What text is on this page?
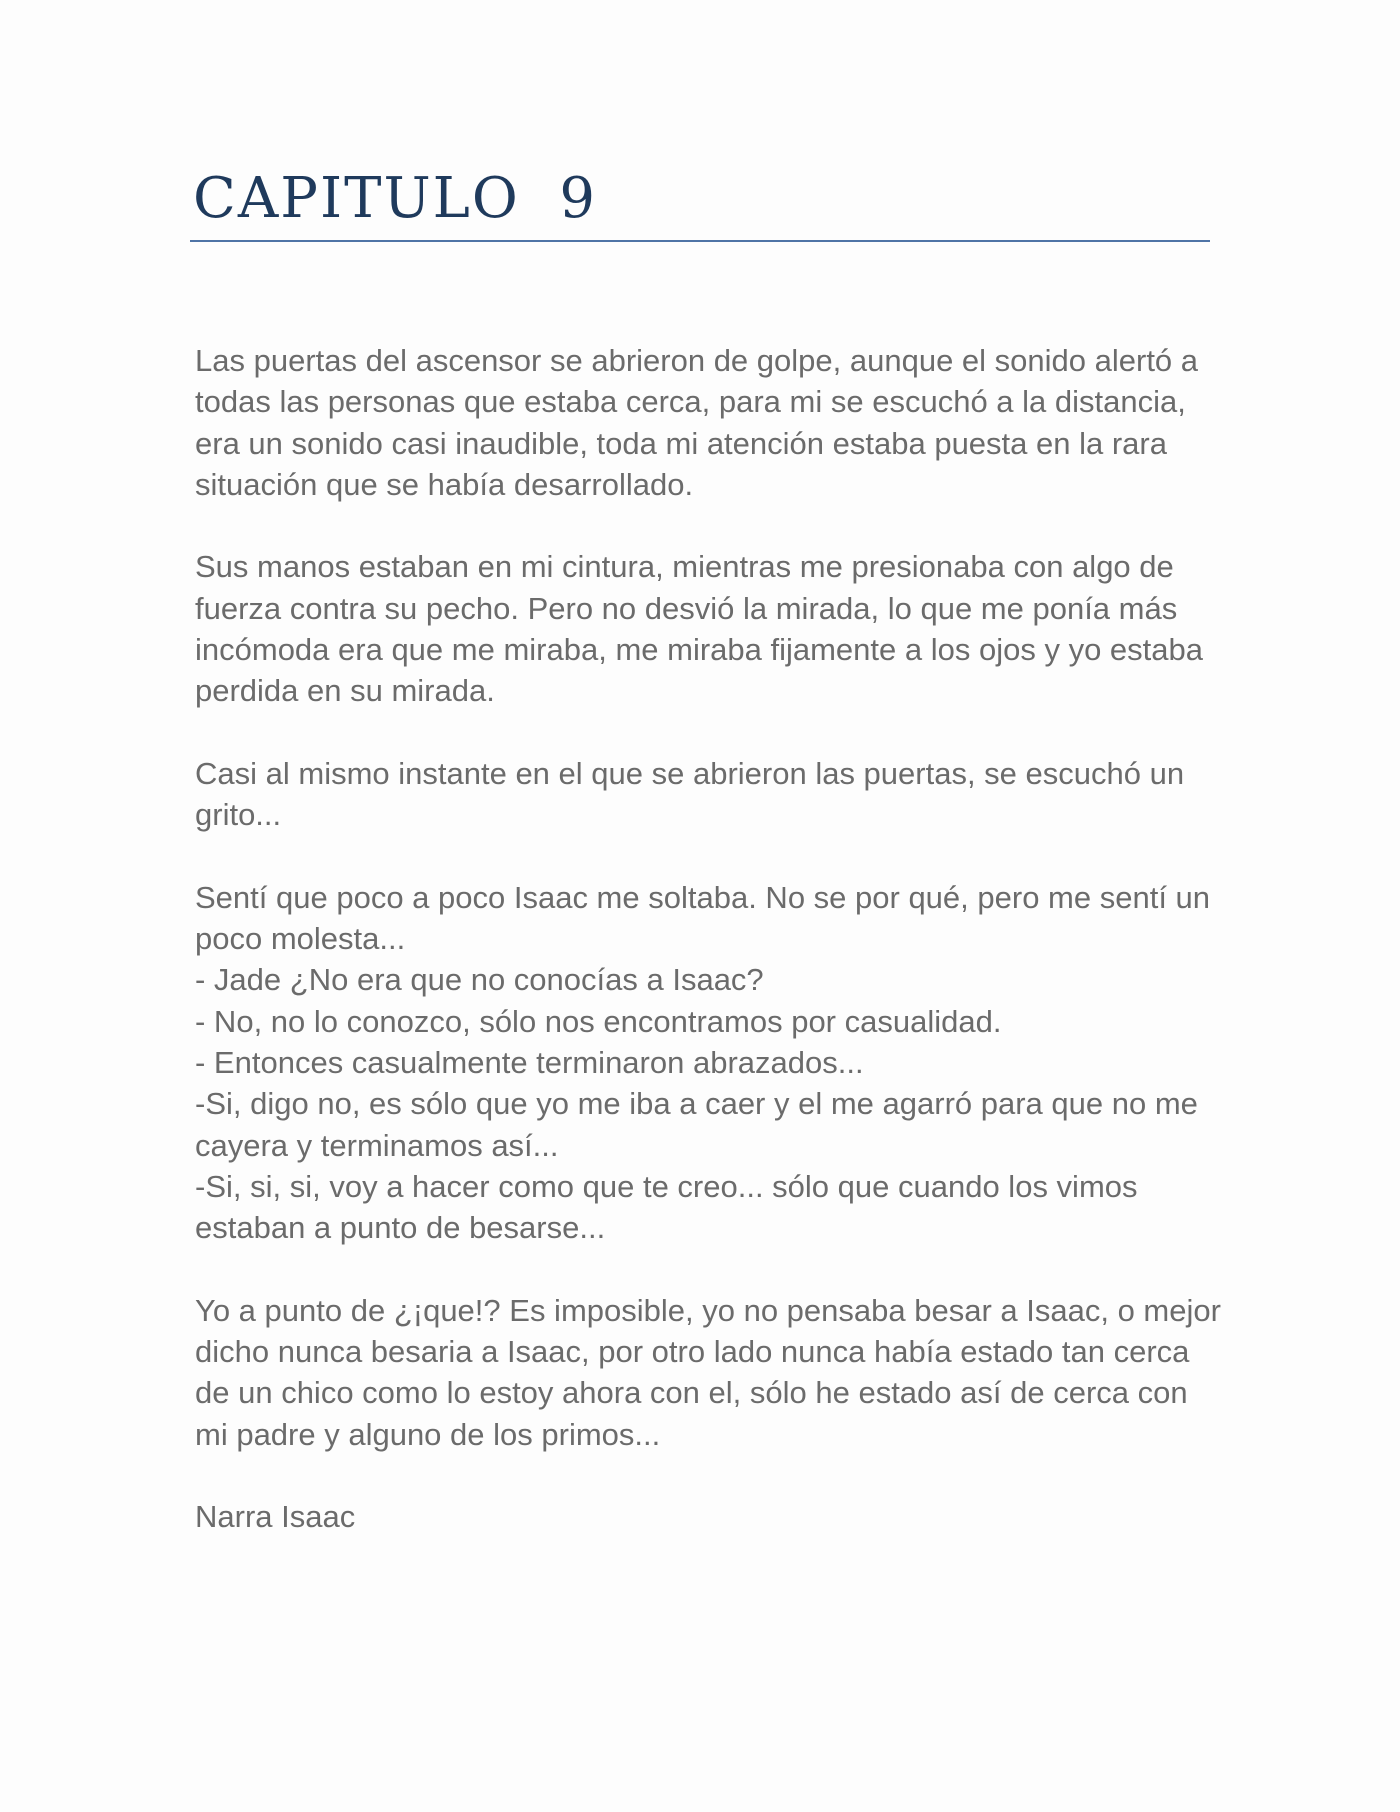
CAPITULO  9

Las puertas del ascensor se abrieron de golpe, aunque el sonido alertó a todas las personas que estaba cerca, para mi se escuchó a la distancia, era un sonido casi inaudible, toda mi atención estaba puesta en la rara situación que se había desarrollado.

Sus manos estaban en mi cintura, mientras me presionaba con algo de fuerza contra su pecho. Pero no desvió la mirada, lo que me ponía más incómoda era que me miraba, me miraba fijamente a los ojos y yo estaba perdida en su mirada.

Casi al mismo instante en el que se abrieron las puertas, se escuchó un grito...

Sentí que poco a poco Isaac me soltaba. No se por qué, pero me sentí un poco molesta...

- Jade ¿No era que no conocías a Isaac?

- No, no lo conozco, sólo nos encontramos por casualidad.

- Entonces casualmente terminaron abrazados...

-Si, digo no, es sólo que yo me iba a caer y el me agarró para que no me cayera y terminamos así...

-Si, si, si, voy a hacer como que te creo... sólo que cuando los vimos estaban a punto de besarse...

Yo a punto de ¿¡que!? Es imposible, yo no pensaba besar a Isaac, o mejor dicho nunca besaria a Isaac, por otro lado nunca había estado tan cerca de un chico como lo estoy ahora con el, sólo he estado así de cerca con mi padre y alguno de los primos...

Narra Isaac
